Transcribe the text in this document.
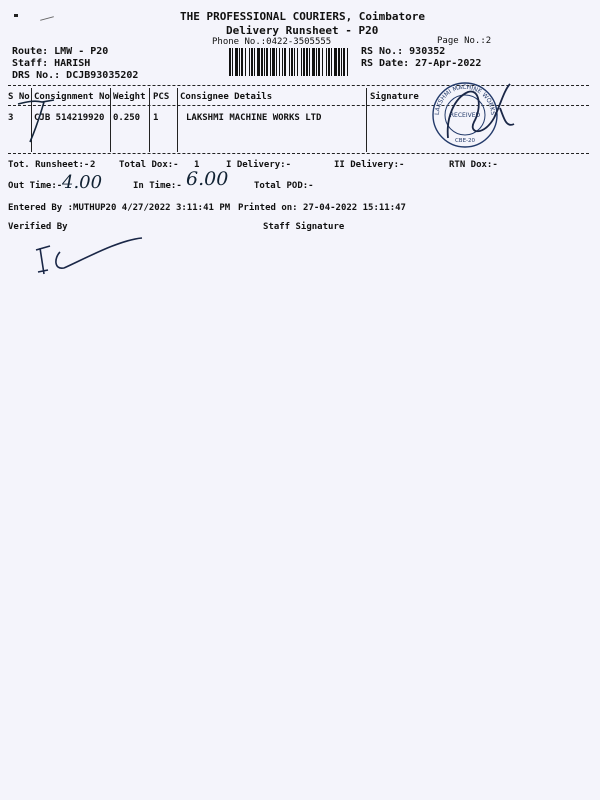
THE PROFESSIONAL COURIERS, Coimbatore
Delivery Runsheet - P20
Phone No.:0422-3505555	Page No.:2
Route: LMW - P20
Staff: HARISH
DRS No.: DCJB93035202
RS No.: 930352
RS Date: 27-Apr-2022
S No Consignment No Weight PCS Consignee Details	Signature
3 CJB 514219920 0.250 1	LAKSHMI MACHINE WORKS LTD	LAKSHMI MACHINE WORKS
RECEIVED
CBE-20
Tot. Runsheet:- 2	Total Dox:- 1	I Delivery:-	II Delivery:-	RTN Dox:-
Out Time:- 4.00	In Time:- 6.00	Total POD:-
Entered By :MUTHUP20 4/27/2022 3:11:41 PM Printed on: 27-04-2022 15:11:47
Verified By	Staff Signature
